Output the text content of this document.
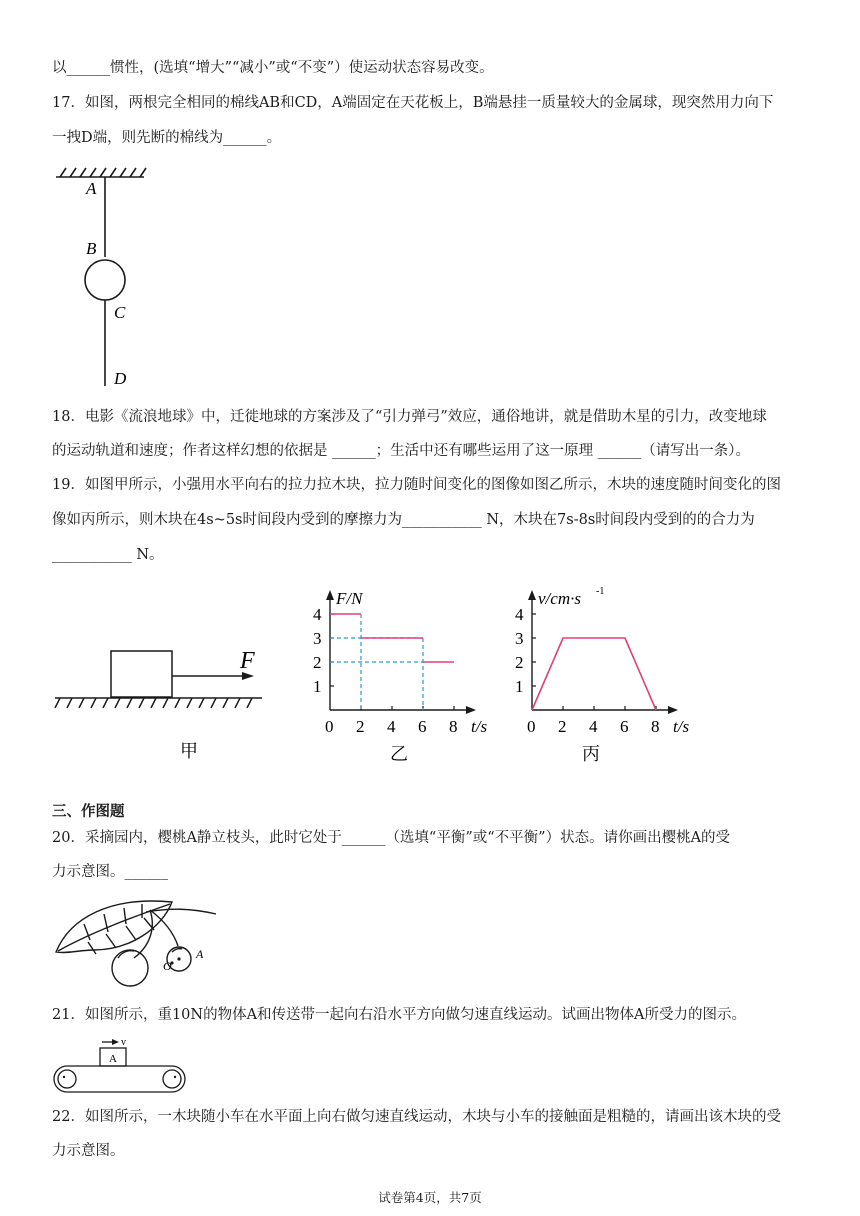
以______惯性，(选填“增大”“减小”或“不变”）使运动状态容易改变。
17．如图，两根完全相同的棉线AB和CD，A端固定在天花板上，B端悬挂一质量较大的金属球，现突然用力向下
一拽D端，则先断的棉线为______。
A
B
C
D
18．电影《流浪地球》中，迁徙地球的方案涉及了“引力弹弓”效应，通俗地讲，就是借助木星的引力，改变地球
的运动轨道和速度；作者这样幻想的依据是 ______；生活中还有哪些运用了这一原理 ______（请写出一条）。
19．如图甲所示，小强用水平向右的拉力拉木块，拉力随时间变化的图像如图乙所示，木块的速度随时间变化的图
像如丙所示，则木块在4s~5s时间段内受到的摩擦力为___________ N，木块在7s-8s时间段内受到的的合力为
___________ N。
F
甲
0 2 4 6 8
1
2
3
4
t/s
F/N
乙
0 2 4 6 8
1
2
3
4
t/s
v/cm·s -1
丙
三、作图题
20．采摘园内，樱桃A静立枝头，此时它处于______（选填“平衡”或“不平衡”）状态。请你画出樱桃A的受
力示意图。______
O
A
21．如图所示，重10N的物体A和传送带一起向右沿水平方向做匀速直线运动。试画出物体A所受力的图示。
A
v
22．如图所示，一木块随小车在水平面上向右做匀速直线运动，木块与小车的接触面是粗糙的，请画出该木块的受
力示意图。
试卷第4页，共7页
